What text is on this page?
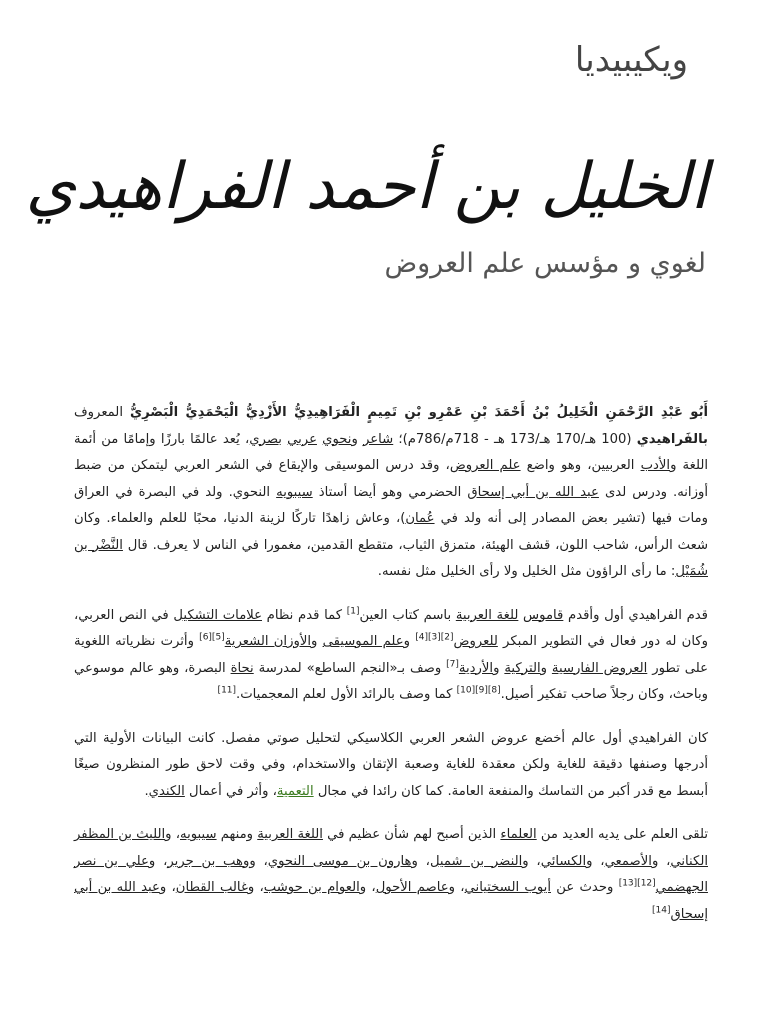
ويكيبيديا
الخليل بن أحمد الفراهيدي
لغوي و مؤسس علم العروض

أَبُو عَبْدِ الرَّحْمَنِ الْخَلِيلُ بْنُ أَحْمَدَ بْنِ عَمْرِو بْنِ تَمِيمٍ الْفَرَاهِيدِيُّ الأَزْدِيُّ الْيَحْمَدِيُّ الْبَصْرِيُّ المعروف بالفَراهيدي (100 هـ/170 هـ/173 هـ - 718م/786م)؛ شاعر ونحوي عربي بصري، يُعد عالمًا بارزًا وإمامًا من أئمة اللغة والأدب العربيين، وهو واضع علم العروض، وقد درس الموسيقى والإيقاع في الشعر العربي ليتمكن من ضبط أوزانه. ودرس لدى عبد الله بن أبي إسحاق الحضرمي وهو أيضا أستاذ سيبويه النحوي. ولد في البصرة في العراق ومات فيها (تشير بعض المصادر إلى أنه ولد في عُمان)، وعاش زاهدًا تاركًا لزينة الدنيا، محبًا للعلم والعلماء. وكان شعث الرأس، شاحب اللون، قشف الهيئة، متمزق الثياب، متقطع القدمين، مغمورا في الناس لا يعرف. قال النَّضْر بن شُمَيْل: ما رأى الراؤون مثل الخليل ولا رأى الخليل مثل نفسه.

قدم الفراهيدي أول وأقدم قاموس للغة العربية باسم كتاب العين[1] كما قدم نظام علامات التشكيل في النص العربي، وكان له دور فعال في التطوير المبكر للعروض[2][3][4] وعلم الموسيقى والأوزان الشعرية[5][6] وأثرت نظرياته اللغوية على تطور العروض الفارسية والتركية والأردية[7] وصف بـ«النجم الساطع» لمدرسة نحاة البصرة، وهو عالم موسوعي وباحث، وكان رجلاً صاحب تفكير أصيل.[8][9][10] كما وصف بالرائد الأول لعلم المعجميات.[11]

كان الفراهيدي أول عالم أخضع عروض الشعر العربي الكلاسيكي لتحليل صوتي مفصل. كانت البيانات الأولية التي أدرجها وصنفها دقيقة للغاية ولكن معقدة للغاية وصعبة الإتقان والاستخدام، وفي وقت لاحق طور المنظرون صيغًا أبسط مع قدر أكبر من التماسك والمنفعة العامة. كما كان رائدا في مجال التعمية، وأثر في أعمال الكندي.

تلقى العلم على يديه العديد من العلماء الذين أصبح لهم شأن عظيم في اللغة العربية ومنهم سيبويه، والليث بن المظفر الكناني، والأصمعي، والكسائي، والنضر بن شميل، وهارون بن موسى النحوي، ووهب بن جرير، وعلي بن نصر الجهضمي[12][13] وحدث عن أيوب السختياني، وعاصم الأحول، والعوام بن حوشب، وغالب القطان، وعبد الله بن أبي إسحاق[14]
